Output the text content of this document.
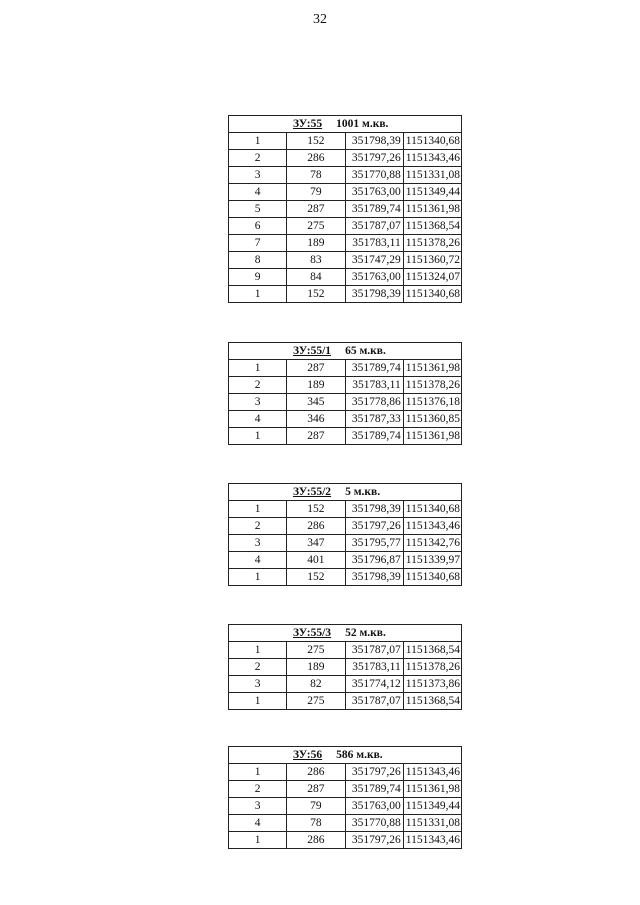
32
ЗУ:55 1001 м.кв.			
1	152	351798,39	1151340,68
2	286	351797,26	1151343,46
3	78	351770,88	1151331,08
4	79	351763,00	1151349,44
5	287	351789,74	1151361,98
6	275	351787,07	1151368,54
7	189	351783,11	1151378,26
8	83	351747,29	1151360,72
9	84	351763,00	1151324,07
1	152	351798,39	1151340,68
ЗУ:55/1 65 м.кв.			
1	287	351789,74	1151361,98
2	189	351783,11	1151378,26
3	345	351778,86	1151376,18
4	346	351787,33	1151360,85
1	287	351789,74	1151361,98
ЗУ:55/2 5 м.кв.			
1	152	351798,39	1151340,68
2	286	351797,26	1151343,46
3	347	351795,77	1151342,76
4	401	351796,87	1151339,97
1	152	351798,39	1151340,68
ЗУ:55/3 52 м.кв.			
1	275	351787,07	1151368,54
2	189	351783,11	1151378,26
3	82	351774,12	1151373,86
1	275	351787,07	1151368,54
ЗУ:56 586 м.кв.			
1	286	351797,26	1151343,46
2	287	351789,74	1151361,98
3	79	351763,00	1151349,44
4	78	351770,88	1151331,08
1	286	351797,26	1151343,46
